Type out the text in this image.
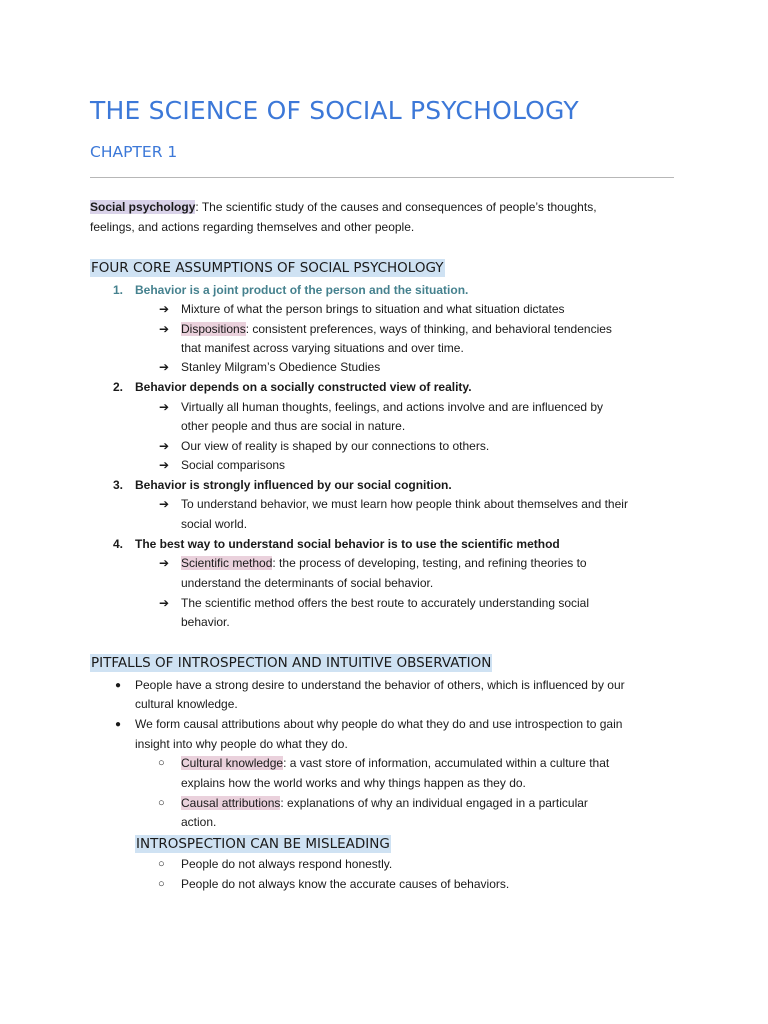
THE SCIENCE OF SOCIAL PSYCHOLOGY
CHAPTER 1
Social psychology: The scientific study of the causes and consequences of people’s thoughts,
feelings, and actions regarding themselves and other people.
FOUR CORE ASSUMPTIONS OF SOCIAL PSYCHOLOGY
1. Behavior is a joint product of the person and the situation.
➔ Mixture of what the person brings to situation and what situation dictates
➔ Dispositions: consistent preferences, ways of thinking, and behavioral tendencies
that manifest across varying situations and over time.
➔ Stanley Milgram’s Obedience Studies
2. Behavior depends on a socially constructed view of reality.
➔ Virtually all human thoughts, feelings, and actions involve and are influenced by
other people and thus are social in nature.
➔ Our view of reality is shaped by our connections to others.
➔ Social comparisons
3. Behavior is strongly influenced by our social cognition.
➔ To understand behavior, we must learn how people think about themselves and their
social world.
4. The best way to understand social behavior is to use the scientific method
➔ Scientific method: the process of developing, testing, and refining theories to
understand the determinants of social behavior.
➔ The scientific method offers the best route to accurately understanding social
behavior.
PITFALLS OF INTROSPECTION AND INTUITIVE OBSERVATION
● People have a strong desire to understand the behavior of others, which is influenced by our
cultural knowledge.
● We form causal attributions about why people do what they do and use introspection to gain
insight into why people do what they do.
○ Cultural knowledge: a vast store of information, accumulated within a culture that
explains how the world works and why things happen as they do.
○ Causal attributions: explanations of why an individual engaged in a particular
action.
INTROSPECTION CAN BE MISLEADING
○ People do not always respond honestly.
○ People do not always know the accurate causes of behaviors.
